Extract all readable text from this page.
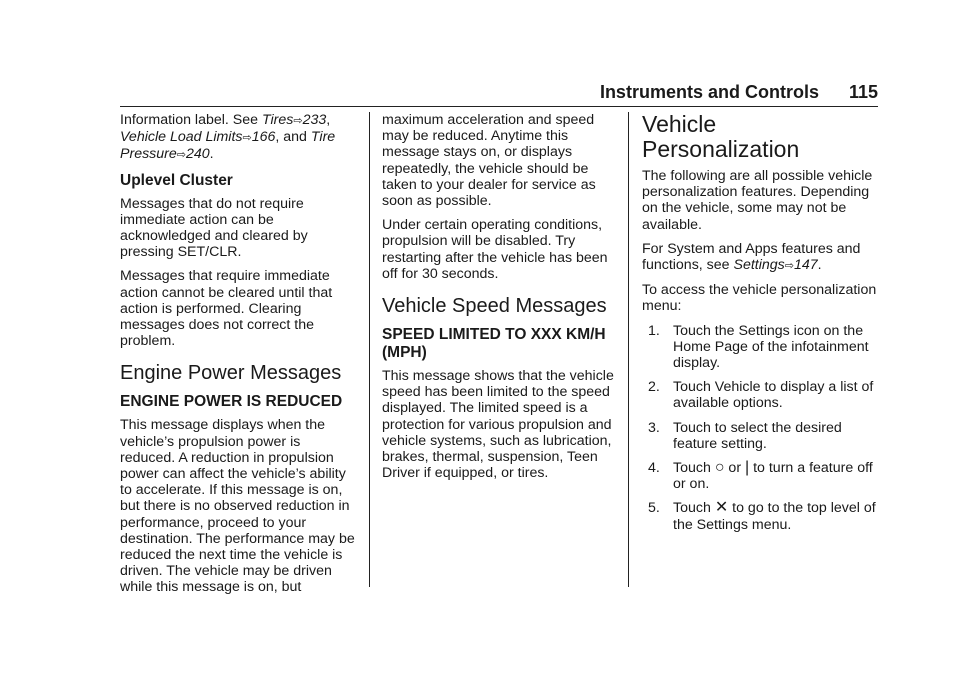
Instruments and Controls 115

Information label. See Tires⇨233, Vehicle Load Limits⇨166, and Tire Pressure⇨240.

Uplevel Cluster

Messages that do not require immediate action can be acknowledged and cleared by pressing SET/CLR.

Messages that require immediate action cannot be cleared until that action is performed. Clearing messages does not correct the problem.

Engine Power Messages
ENGINE POWER IS REDUCED

This message displays when the vehicle’s propulsion power is reduced. A reduction in propulsion power can affect the vehicle’s ability to accelerate. If this message is on, but there is no observed reduction in performance, proceed to your destination. The performance may be reduced the next time the vehicle is driven. The vehicle may be driven while this message is on, but

maximum acceleration and speed may be reduced. Anytime this message stays on, or displays repeatedly, the vehicle should be taken to your dealer for service as soon as possible.

Under certain operating conditions, propulsion will be disabled. Try restarting after the vehicle has been off for 30 seconds.

Vehicle Speed Messages
SPEED LIMITED TO XXX KM/H (MPH)

This message shows that the vehicle speed has been limited to the speed displayed. The limited speed is a protection for various propulsion and vehicle systems, such as lubrication, brakes, thermal, suspension, Teen Driver if equipped, or tires.

Vehicle Personalization

The following are all possible vehicle personalization features. Depending on the vehicle, some may not be available.

For System and Apps features and functions, see Settings⇨147.

To access the vehicle personalization menu:

1. Touch the Settings icon on the Home Page of the infotainment display.
2. Touch Vehicle to display a list of available options.
3. Touch to select the desired feature setting.
4. Touch ○ or | to turn a feature off or on.
5. Touch ✕ to go to the top level of the Settings menu.
